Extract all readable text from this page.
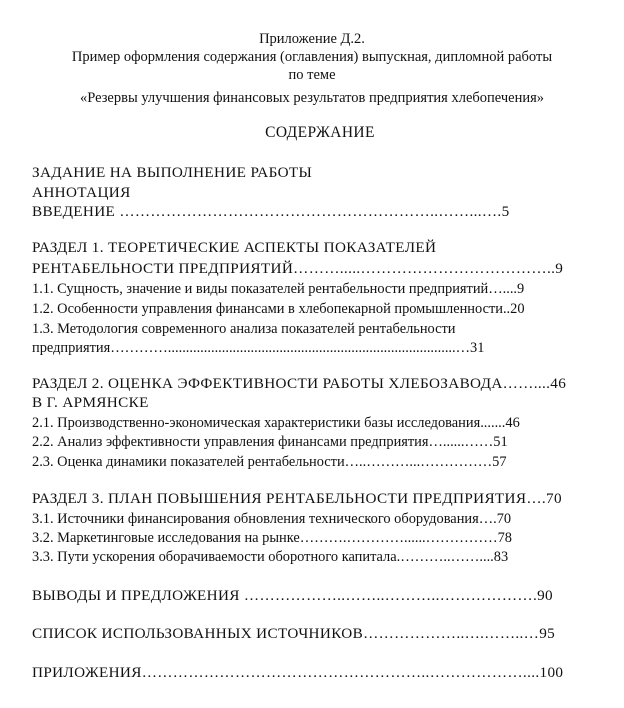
Приложение Д.2.
Пример оформления содержания (оглавления) выпускная, дипломной работы
по теме
«Резервы улучшения финансовых результатов предприятия хлебопечения»
СОДЕРЖАНИЕ
ЗАДАНИЕ НА ВЫПОЛНЕНИЕ РАБОТЫ
АННОТАЦИЯ
ВВЕДЕНИЕ ……………………………………………………..……...….5
РАЗДЕЛ 1. ТЕОРЕТИЧЕСКИЕ АСПЕКТЫ ПОКАЗАТЕЛЕЙ
РЕНТАБЕЛЬНОСТИ ПРЕДПРИЯТИЙ……….....………………………………..9
1.1. Сущность, значение и виды показателей рентабельности предприятий…....9
1.2. Особенности управления финансами в хлебопекарной промышленности..20
1.3. Методология современного анализа показателей рентабельности
предприятия…………................................................................................…31
РАЗДЕЛ 2. ОЦЕНКА ЭФФЕКТИВНОСТИ РАБОТЫ ХЛЕБОЗАВОДА……....46
В Г. АРМЯНСКЕ
2.1. Производственно-экономическая характеристики базы исследования.......46
2.2. Анализ эффективности управления финансами предприятия…......……51
2.3. Оценка динамики показателей рентабельности…..………...……………57
РАЗДЕЛ 3. ПЛАН ПОВЫШЕНИЯ РЕНТАБЕЛЬНОСТИ ПРЕДПРИЯТИЯ….70
3.1. Источники финансирования обновления технического оборудования….70
3.2. Маркетинговые исследования на рынке……….…………......……………78
3.3. Пути ускорения оборачиваемости оборотного капитала.………..……....83
ВЫВОДЫ И ПРЕДЛОЖЕНИЯ ………………..……..………..……………….90
СПИСОК ИСПОЛЬЗОВАННЫХ ИСТОЧНИКОВ………………..….……..…95
ПРИЛОЖЕНИЯ………………………………………………..………………....100
